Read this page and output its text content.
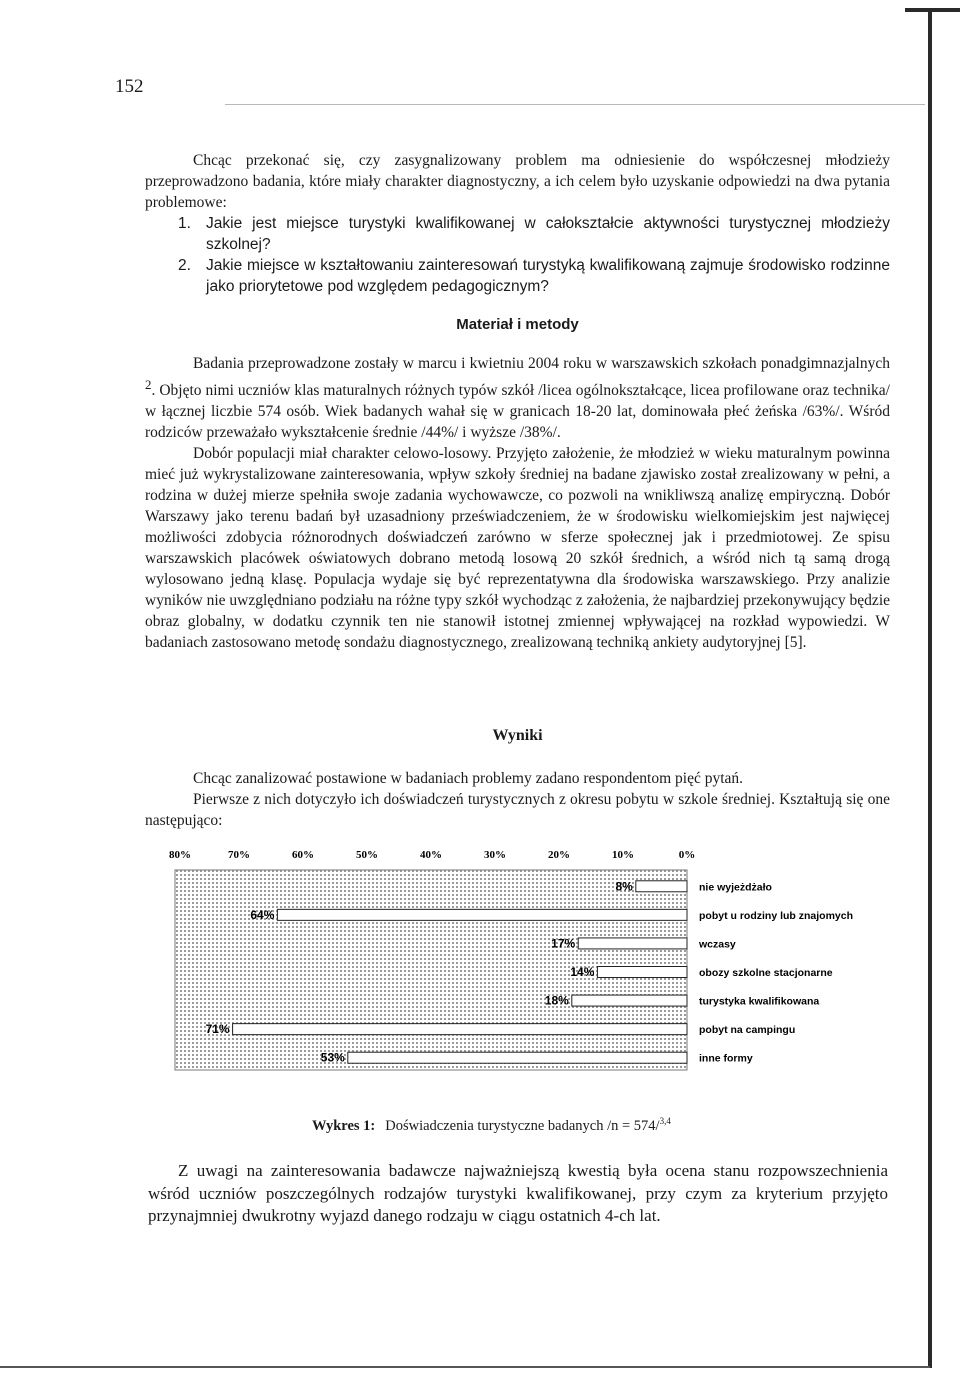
152

Chcąc przekonać się, czy zasygnalizowany problem ma odniesienie do współczesnej młodzieży przeprowadzono badania, które miały charakter diagnostyczny, a ich celem było uzyskanie odpowiedzi na dwa pytania problemowe:

1. Jakie jest miejsce turystyki kwalifikowanej w całokształcie aktywności turystycznej młodzieży szkolnej?
2. Jakie miejsce w kształtowaniu zainteresowań turystyką kwalifikowaną zajmuje środowisko rodzinne jako priorytetowe pod względem pedagogicznym?
Materiał i metody

Badania przeprowadzone zostały w marcu i kwietniu 2004 roku w warszawskich szkołach ponadgimnazjalnych $^2$. Objęto nimi uczniów klas maturalnych różnych typów szkół /licea ogólnokształcące, licea profilowane oraz technika/ w łącznej liczbie 574 osób. Wiek badanych wahał się w granicach 18-20 lat, dominowała płeć żeńska /63%/. Wśród rodziców przeważało wykształcenie średnie /44%/ i wyższe /38%/.

Dobór populacji miał charakter celowo-losowy. Przyjęto założenie, że młodzież w wieku maturalnym powinna mieć już wykrystalizowane zainteresowania, wpływ szkoły średniej na badane zjawisko został zrealizowany w pełni, a rodzina w dużej mierze spełniła swoje zadania wychowawcze, co pozwoli na wnikliwszą analizę empiryczną. Dobór Warszawy jako terenu badań był uzasadniony przeświadczeniem, że w środowisku wielkomiejskim jest najwięcej możliwości zdobycia różnorodnych doświadczeń zarówno w sferze społecznej jak i przedmiotowej. Ze spisu warszawskich placówek oświatowych dobrano metodą losową 20 szkół średnich, a wśród nich tą samą drogą wylosowano jedną klasę. Populacja wydaje się być reprezentatywna dla środowiska warszawskiego. Przy analizie wyników nie uwzględniano podziału na różne typy szkół wychodząc z założenia, że najbardziej przekonywujący będzie obraz globalny, w dodatku czynnik ten nie stanowił istotnej zmiennej wpływającej na rozkład wypowiedzi. W badaniach zastosowano metodę sondażu diagnostycznego, zrealizowaną techniką ankiety audytoryjnej [5].

Wyniki

Chcąc zanalizować postawione w badaniach problemy zadano respondentom pięć pytań.

Pierwsze z nich dotyczyło ich doświadczeń turystycznych z okresu pobytu w szkole średniej. Kształtują się one następująco:

80%	70%	60%	50%	40%	30%	20%	10%	0%
8%	nie wyjeżdżało
64%	pobyt u rodziny lub znajomych
17%	wczasy
14%	obozy szkolne stacjonarne
18%	turystyka kwalifikowana
71%	pobyt na campingu
53%	inne formy
Wykres 1: Doświadczenia turystyczne badanych /n = 574/$^{3,4}$

Z uwagi na zainteresowania badawcze najważniejszą kwestią była ocena stanu rozpowszechnienia wśród uczniów poszczególnych rodzajów turystyki kwalifikowanej, przy czym za kryterium przyjęto przynajmniej dwukrotny wyjazd danego rodzaju w ciągu ostatnich 4-ch lat.
